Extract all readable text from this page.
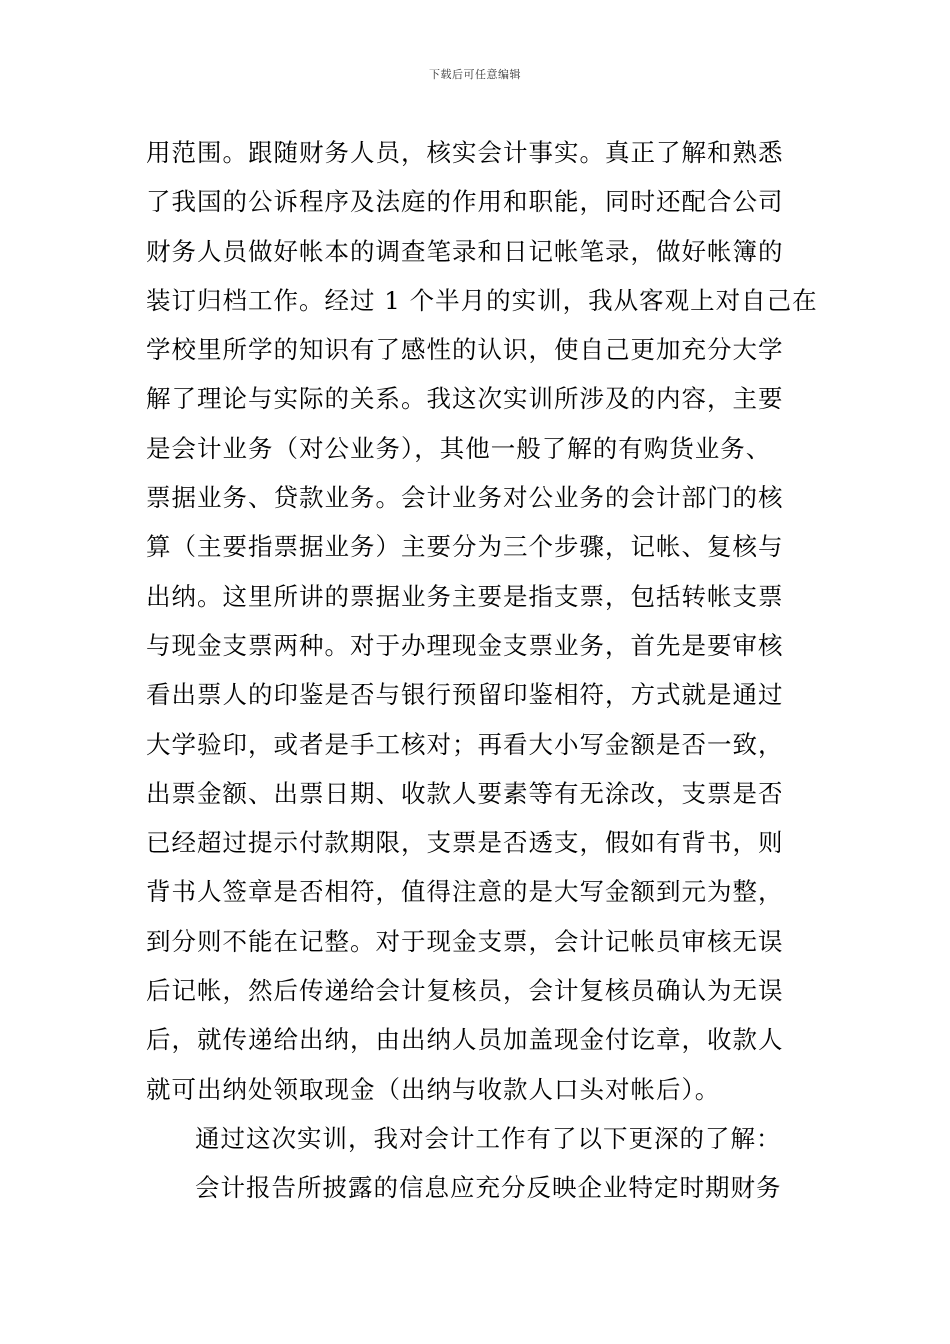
下载后可任意编辑
用范围。跟随财务人员，核实会计事实。真正了解和熟悉
了我国的公诉程序及法庭的作用和职能，同时还配合公司
财务人员做好帐本的调查笔录和日记帐笔录，做好帐簿的
装订归档工作。经过 1 个半月的实训，我从客观上对自己在
学校里所学的知识有了感性的认识，使自己更加充分大学
解了理论与实际的关系。我这次实训所涉及的内容，主要
是会计业务（对公业务），其他一般了解的有购货业务、
票据业务、贷款业务。会计业务对公业务的会计部门的核
算（主要指票据业务）主要分为三个步骤，记帐、复核与
出纳。这里所讲的票据业务主要是指支票，包括转帐支票
与现金支票两种。对于办理现金支票业务，首先是要审核
看出票人的印鉴是否与银行预留印鉴相符，方式就是通过
大学验印，或者是手工核对；再看大小写金额是否一致，
出票金额、出票日期、收款人要素等有无涂改，支票是否
已经超过提示付款期限，支票是否透支，假如有背书，则
背书人签章是否相符，值得注意的是大写金额到元为整，
到分则不能在记整。对于现金支票，会计记帐员审核无误
后记帐，然后传递给会计复核员，会计复核员确认为无误
后，就传递给出纳，由出纳人员加盖现金付讫章，收款人
就可出纳处领取现金（出纳与收款人口头对帐后）。
通过这次实训，我对会计工作有了以下更深的了解：
会计报告所披露的信息应充分反映企业特定时期财务
